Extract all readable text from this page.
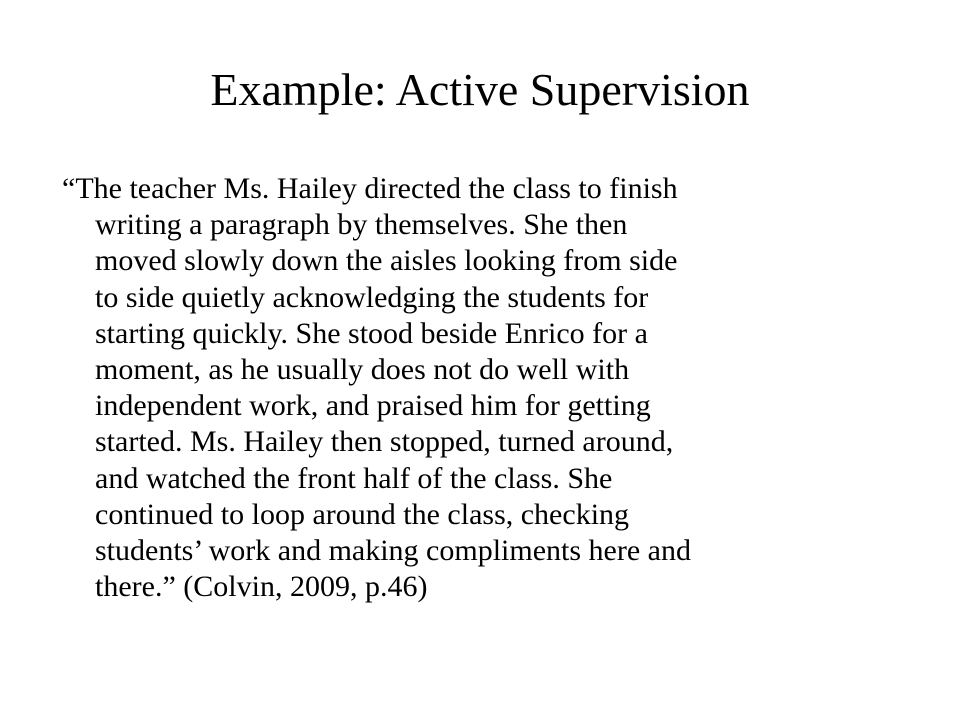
Example: Active Supervision

“The teacher Ms. Hailey directed the class to finish
writing a paragraph by themselves. She then
moved slowly down the aisles looking from side
to side quietly acknowledging the students for
starting quickly. She stood beside Enrico for a
moment, as he usually does not do well with
independent work, and praised him for getting
started. Ms. Hailey then stopped, turned around,
and watched the front half of the class. She
continued to loop around the class, checking
students’ work and making compliments here and
there.” (Colvin, 2009, p.46)
